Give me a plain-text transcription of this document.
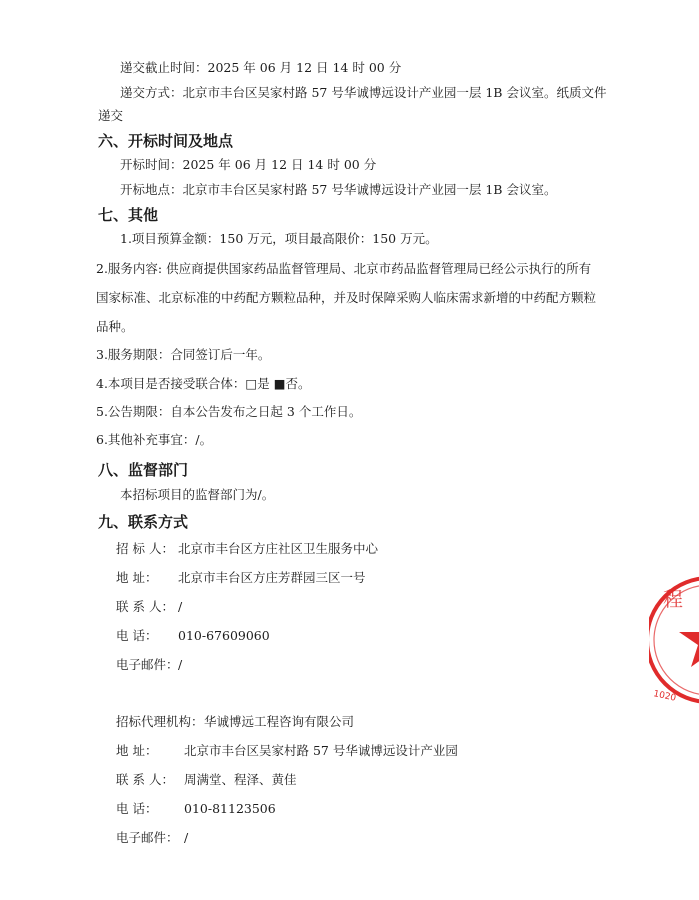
递交截止时间：2025 年 06 月 12 日 14 时 00 分
递交方式：北京市丰台区吴家村路 57 号华诚博远设计产业园一层 1B 会议室。纸质文件
递交
六、开标时间及地点
开标时间：2025 年 06 月 12 日 14 时 00 分
开标地点：北京市丰台区吴家村路 57 号华诚博远设计产业园一层 1B 会议室。
七、其他
1.项目预算金额：150 万元，项目最高限价：150 万元。
2.服务内容: 供应商提供国家药品监督管理局、北京市药品监督管理局已经公示执行的所有
国家标准、北京标准的中药配方颗粒品种，并及时保障采购人临床需求新增的中药配方颗粒
品种。
3.服务期限：合同签订后一年。
4.本项目是否接受联合体：□是 ■否。
5.公告期限：自本公告发布之日起 3 个工作日。
6.其他补充事宜：/。
八、监督部门
本招标项目的监督部门为/。
九、联系方式
招 标 人： 北京市丰台区方庄社区卫生服务中心
地 址： 北京市丰台区方庄芳群园三区一号
联 系 人： /
电 话： 010-67609060
电子邮件：/
招标代理机构：华诚博远工程咨询有限公司
地 址： 北京市丰台区吴家村路 57 号华诚博远设计产业园
联 系 人： 周满堂、程泽、黄佳
电 话： 010-81123506
电子邮件： /
程
1020
